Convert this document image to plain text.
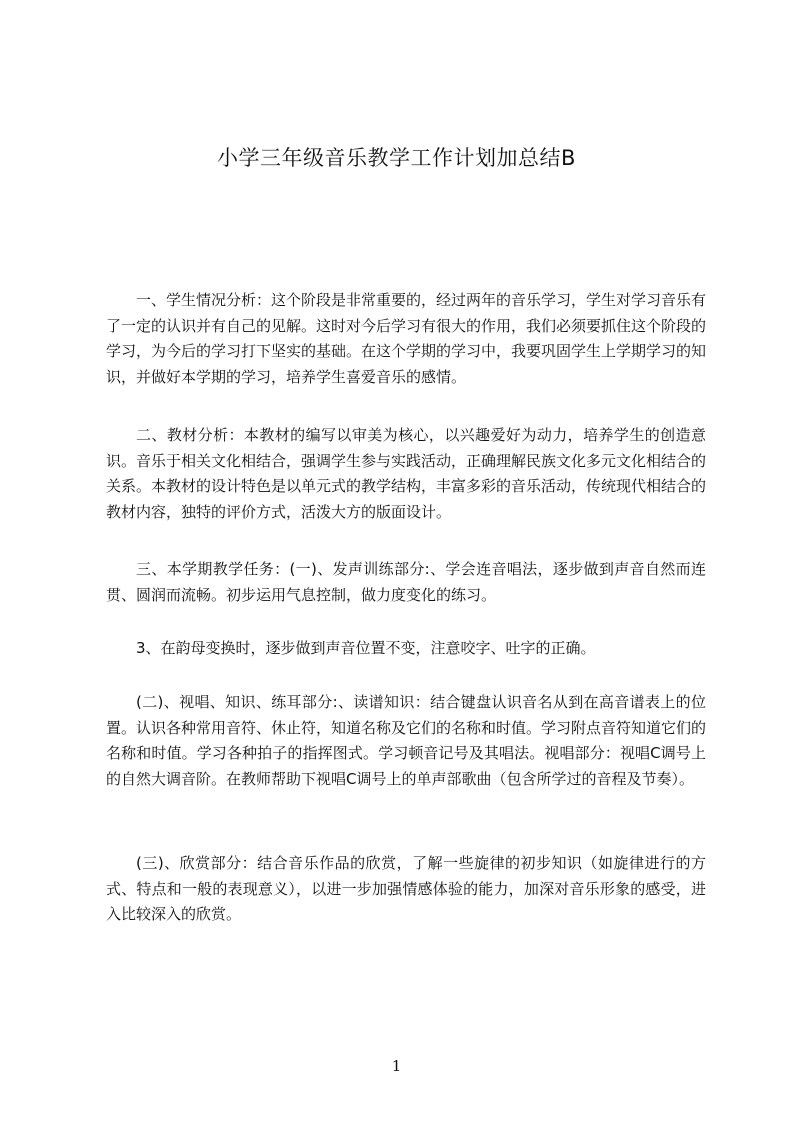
小学三年级音乐教学工作计划加总结B

一、学生情况分析：这个阶段是非常重要的，经过两年的音乐学习，学生对学习音乐有了一定的认识并有自己的见解。这时对今后学习有很大的作用，我们必须要抓住这个阶段的学习，为今后的学习打下坚实的基础。在这个学期的学习中，我要巩固学生上学期学习的知识，并做好本学期的学习，培养学生喜爱音乐的感情。

二、教材分析：本教材的编写以审美为核心，以兴趣爱好为动力，培养学生的创造意识。音乐于相关文化相结合，强调学生参与实践活动，正确理解民族文化多元文化相结合的关系。本教材的设计特色是以单元式的教学结构，丰富多彩的音乐活动，传统现代相结合的教材内容，独特的评价方式，活泼大方的版面设计。

三、本学期教学任务：(一)、发声训练部分:、学会连音唱法，逐步做到声音自然而连贯、圆润而流畅。初步运用气息控制，做力度变化的练习。

3、在韵母变换时，逐步做到声音位置不变，注意咬字、吐字的正确。

(二)、视唱、知识、练耳部分:、读谱知识：结合键盘认识音名从到在高音谱表上的位置。认识各种常用音符、休止符，知道名称及它们的名称和时值。学习附点音符知道它们的名称和时值。学习各种拍子的指挥图式。学习顿音记号及其唱法。视唱部分：视唱C调号上的自然大调音阶。在教师帮助下视唱C调号上的单声部歌曲（包含所学过的音程及节奏）。

(三)、欣赏部分：结合音乐作品的欣赏，了解一些旋律的初步知识（如旋律进行的方式、特点和一般的表现意义），以进一步加强情感体验的能力，加深对音乐形象的感受，进入比较深入的欣赏。

1
